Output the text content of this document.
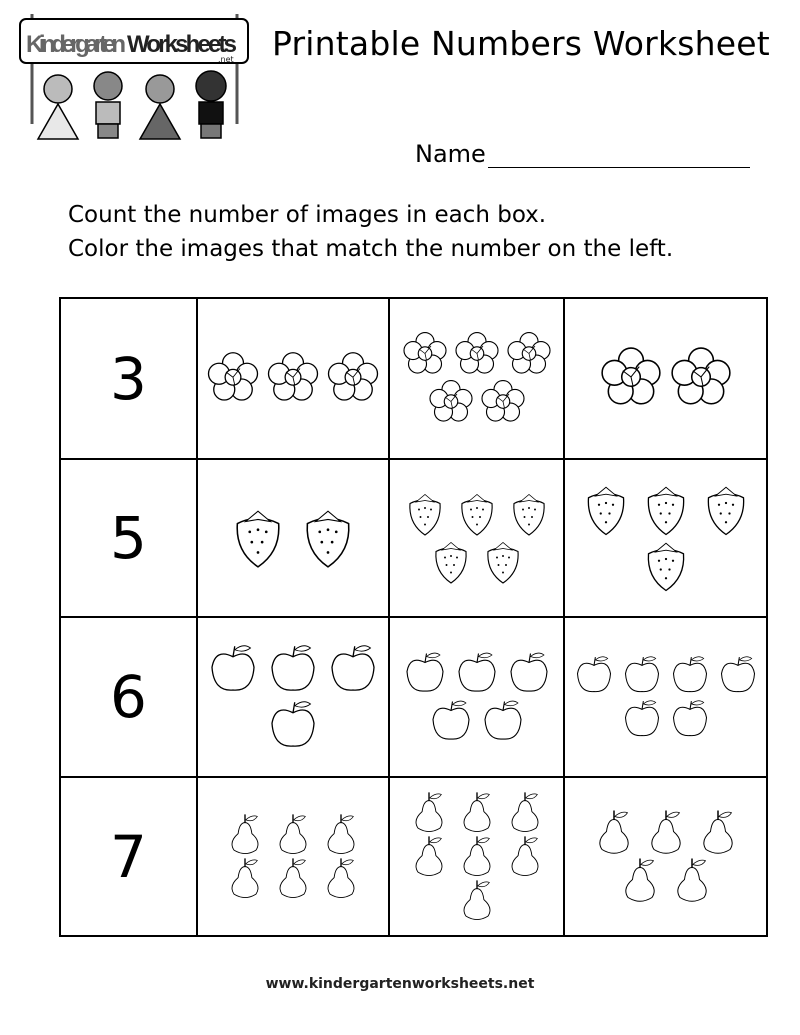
Kindergarten Worksheets
.net Printable Numbers Worksheet
Name
Count the number of images in each box.
Color the images that match the number on the left.
3
5
6
7
www.kindergartenworksheets.net
